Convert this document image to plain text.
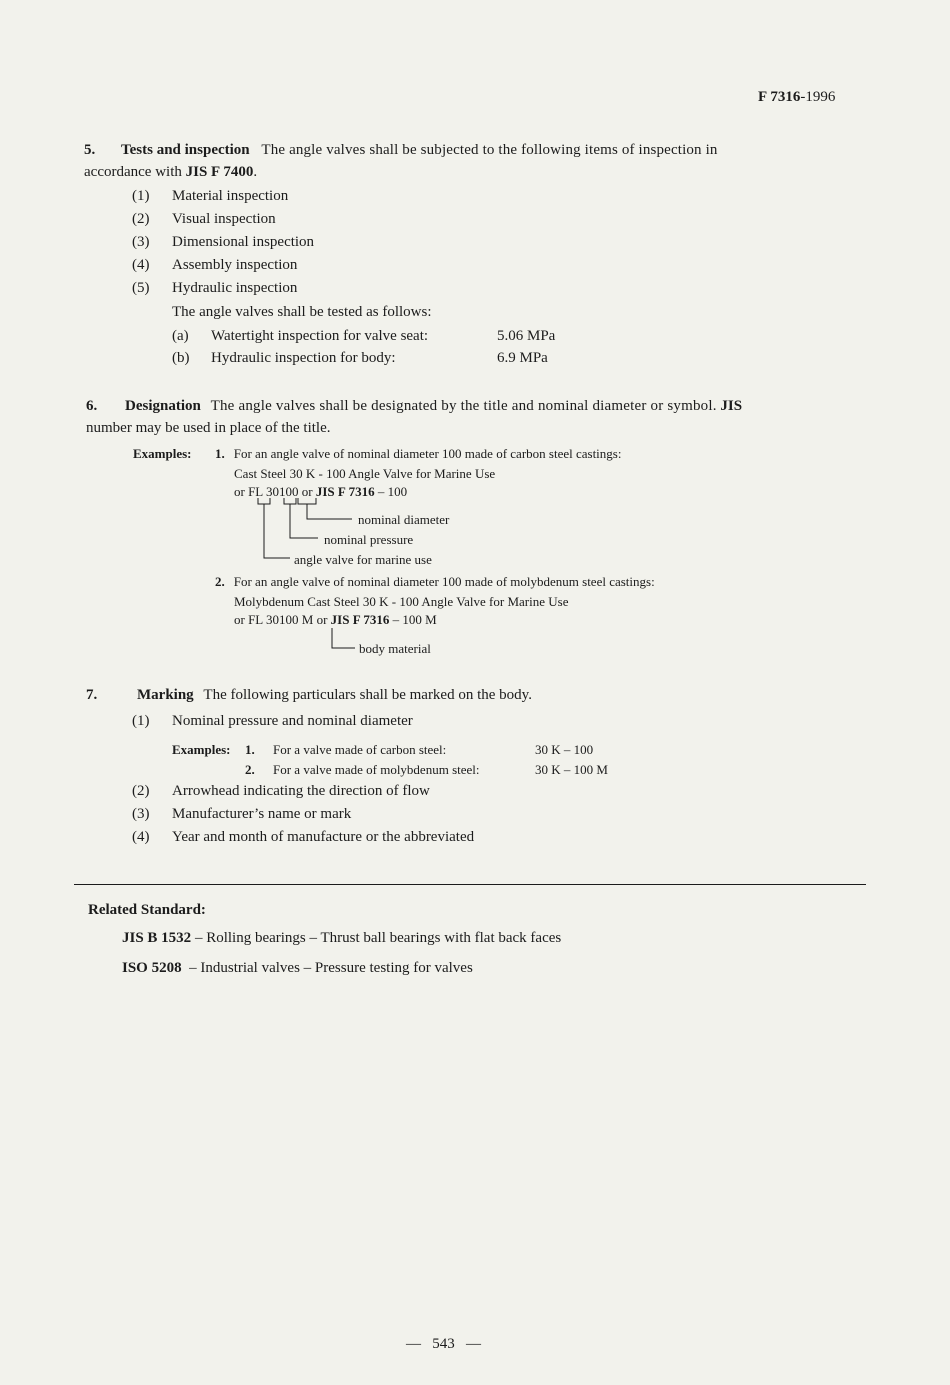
F 7316-1996
5. Tests and inspection The angle valves shall be subjected to the following items of inspection in
accordance with JIS F 7400.
(1) Material inspection
(2) Visual inspection
(3) Dimensional inspection
(4) Assembly inspection
(5) Hydraulic inspection
The angle valves shall be tested as follows:
(a) Watertight inspection for valve seat:	5.06 MPa
(b) Hydraulic inspection for body:	6.9 MPa
6. Designation The angle valves shall be designated by the title and nominal diameter or symbol. JIS
number may be used in place of the title.
Examples: 1. For an angle valve of nominal diameter 100 made of carbon steel castings:
Cast Steel 30 K - 100 Angle Valve for Marine Use
or FL 30100 or JIS F 7316 – 100
nominal diameter
nominal pressure
angle valve for marine use
2. For an angle valve of nominal diameter 100 made of molybdenum steel castings:
Molybdenum Cast Steel 30 K - 100 Angle Valve for Marine Use
or FL 30100 M or JIS F 7316 – 100 M
body material
7.	Marking The following particulars shall be marked on the body.
(1) Nominal pressure and nominal diameter
Examples: 1. For a valve made of carbon steel:	30 K – 100
2. For a valve made of molybdenum steel:	30 K – 100 M
(2) Arrowhead indicating the direction of flow
(3) Manufacturer’s name or mark
(4) Year and month of manufacture or the abbreviated
Related Standard:
JIS B 1532 – Rolling bearings – Thrust ball bearings with flat back faces
ISO 5208  – Industrial valves – Pressure testing for valves
—   543   —
